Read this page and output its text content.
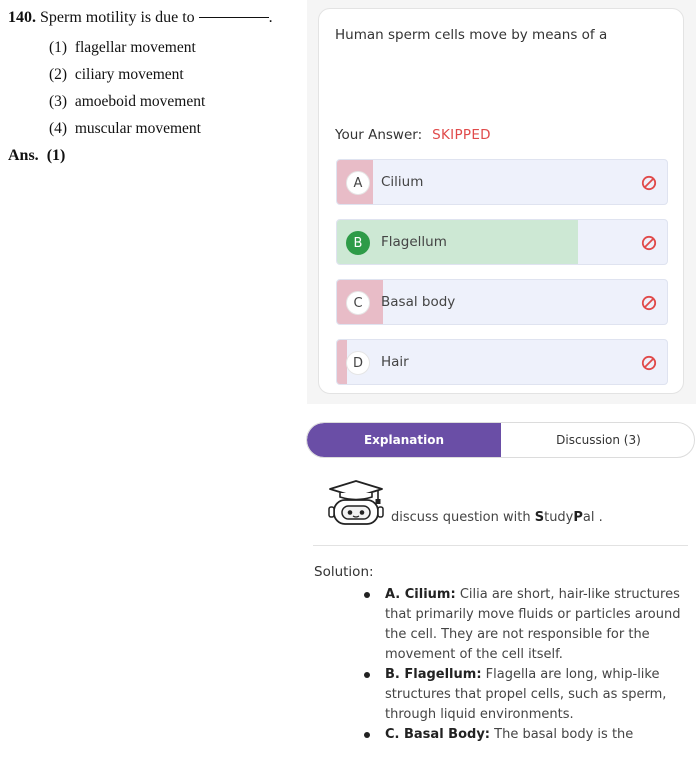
140. Sperm motility is due to	.
(1) flagellar movement
(2) ciliary movement
(3) amoeboid movement
(4) muscular movement
Ans. (1)
Human sperm cells move by means of a
Your Answer: SKIPPED
A	Cilium
B	Flagellum
C	Basal body
D	Hair
Explanation	Discussion (3)
discuss question with StudyPal .
Solution:
A. Cilium: Cilia are short, hair-like structures that primarily move fluids or particles around the cell. They are not responsible for the movement of the cell itself.
B. Flagellum: Flagella are long, whip-like structures that propel cells, such as sperm, through liquid environments.
C. Basal Body: The basal body is the
